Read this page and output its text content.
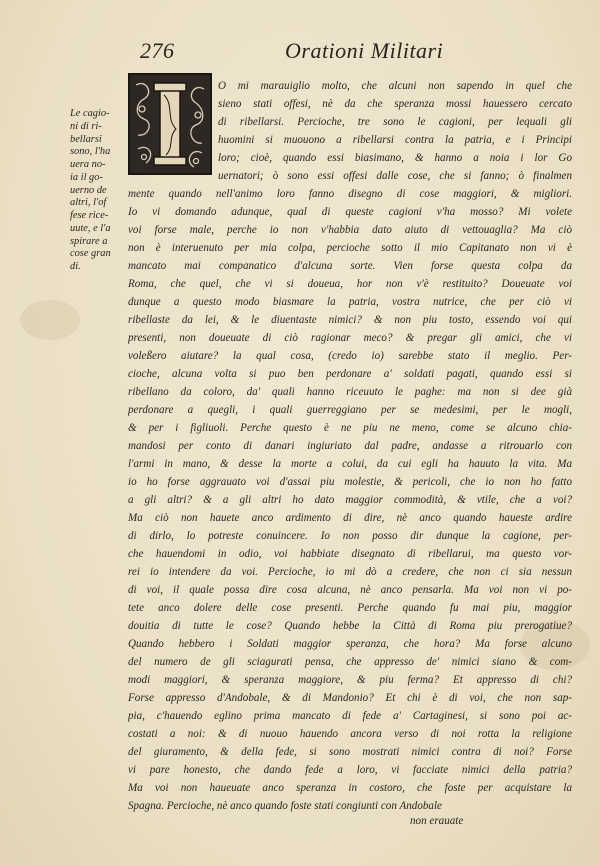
276	Orationi Militari
Le cagio-
ni di ri-
bellarsi
sono, l'ha
uera no-
ia il go-
uerno de
altri, l'of
fese rice-
uute, e l'a
spirare a
cose gran
di.
O mi marauiglio molto, che alcuni non sapendo in quel che
sieno stati offesi, nè da che speranza mossi hauessero cercato
di ribellarsi. Percioche, tre sono le cagioni, per lequali gli
huomini si muouono a ribellarsi contra la patria, e i Principi
loro; cioè, quando essi biasimano, & hanno a noia i lor Go
uernatori; ò sono essi offesi dalle cose, che si fanno; ò finalmen
mente quando nell'animo loro fanno disegno di cose maggiori, & migliori.
Io vi domando adunque, qual di queste cagioni v'ha mosso? Mi volete
voi forse male, perche io non v'habbia dato aiuto di vettouaglia? Ma ciò
non è interuenuto per mia colpa, percioche sotto il mio Capitanato non vi è
mancato mai companatico d'alcuna sorte. Vien forse questa colpa da
Roma, che quel, che vi si doueua, hor non v'è restituito? Doueuate voi
dunque a questo modo biasmare la patria, vostra nutrice, che per ciò vi
ribellaste da lei, & le diuentaste nimici? & non piu tosto, essendo voi qui
presenti, non doueuate di ciò ragionar meco? & pregar gli amici, che vi
voleßero aiutare? la qual cosa, (credo io) sarebbe stato il meglio. Per-
cioche, alcuna volta si puo ben perdonare a' soldati pagati, quando essi si
ribellano da coloro, da' quali hanno riceuuto le paghe: ma non si dee già
perdonare a quegli, i quali guerreggiano per se medesimi, per le mogli,
& per i figliuoli. Perche questo è ne piu ne meno, come se alcuno chia-
mandosi per conto di danari ingiuriato dal padre, andasse a ritrouarlo con
l'armi in mano, & desse la morte a colui, da cui egli ha hauuto la vita. Ma
io ho forse aggrauato voi d'assai piu molestie, & pericoli, che io non ho fatto
a gli altri? & a gli altri ho dato maggior commodità, & vtile, che a voi?
Ma ciò non hauete anco ardimento di dire, nè anco quando haueste ardire
di dirlo, lo potreste conuincere. Io non posso dir dunque la cagione, per-
che hauendomi in odio, voi habbiate disegnato di ribellarui, ma questo vor-
rei io intendere da voi. Percioche, io mi dò a credere, che non ci sia nessun
di voi, il quale possa dire cosa alcuna, nè anco pensarla. Ma voi non vi po-
tete anco dolere delle cose presenti. Perche quando fu mai piu, maggior
douitia di tutte le cose? Quando hebbe la Città di Roma piu prerogatiue?
Quando hebbero i Soldati maggior speranza, che hora? Ma forse alcuno
del numero de gli sciagurati pensa, che appresso de' nimici siano & com-
modi maggiori, & speranza maggiore, & piu ferma? Et appresso di chi?
Forse appresso d'Andobale, & di Mandonio? Et chi è di voi, che non sap-
pia, c'hauendo eglino prima mancato di fede a' Cartaginesi, si sono poi ac-
costati a noi: & di nuouo hauendo ancora verso di noi rotta la religione
del giuramento, & della fede, si sono mostrati nimici contra di noi? Forse
vi pare honesto, che dando fede a loro, vi facciate nimici della patria?
Ma voi non haueuate anco speranza in costoro, che foste per acquistare la
Spagna. Percioche, nè anco quando foste stati congiunti con Andobale
non erauate
